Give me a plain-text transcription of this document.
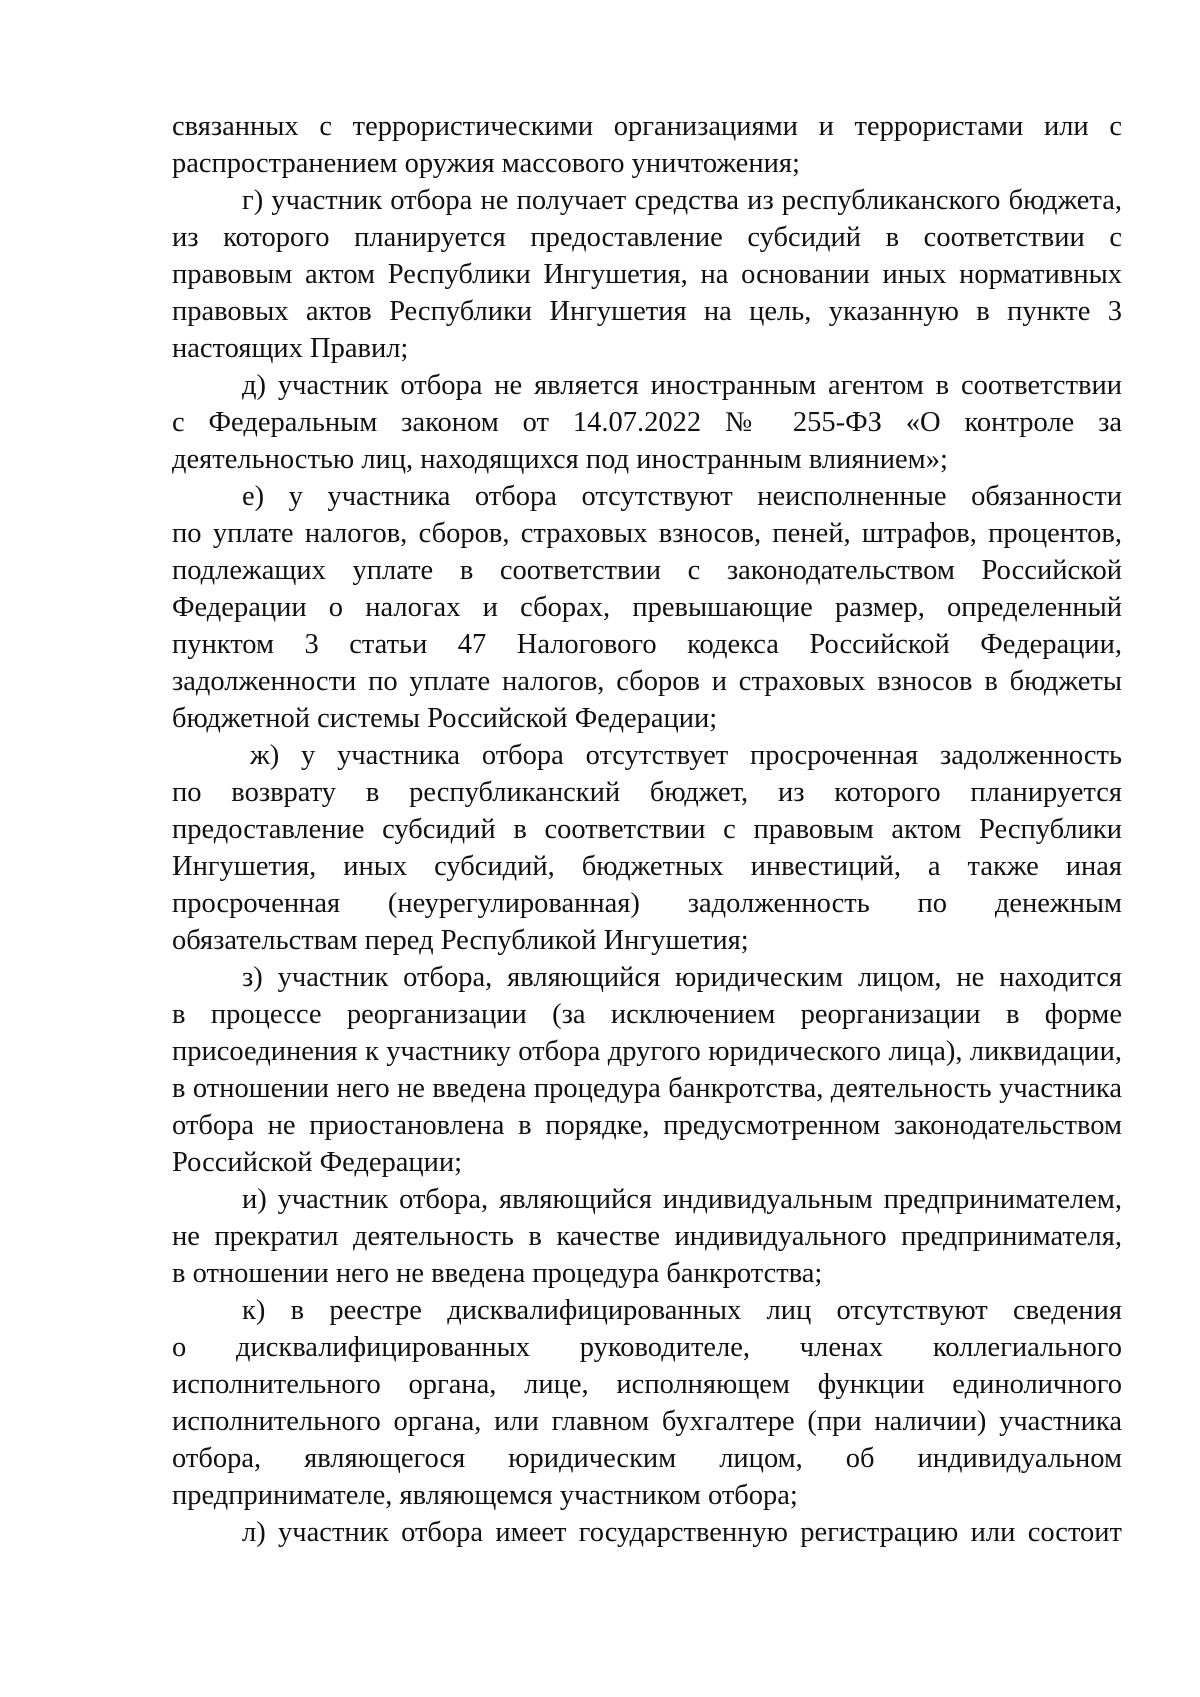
связанных с террористическими организациями и террористами или с
распространением оружия массового уничтожения;

г) участник отбора не получает средства из республиканского бюджета,
из которого планируется предоставление субсидий в соответствии с
правовым актом Республики Ингушетия, на основании иных нормативных
правовых актов Республики Ингушетия на цель, указанную в пункте 3
настоящих Правил;

д) участник отбора не является иностранным агентом в соответствии
с Федеральным законом от 14.07.2022 № 255-ФЗ «О контроле за
деятельностью лиц, находящихся под иностранным влиянием»;

е) у участника отбора отсутствуют неисполненные обязанности
по уплате налогов, сборов, страховых взносов, пеней, штрафов, процентов,
подлежащих уплате в соответствии с законодательством Российской
Федерации о налогах и сборах, превышающие размер, определенный
пунктом 3 статьи 47 Налогового кодекса Российской Федерации,
задолженности по уплате налогов, сборов и страховых взносов в бюджеты
бюджетной системы Российской Федерации;

ж) у участника отбора отсутствует просроченная задолженность
по возврату в республиканский бюджет, из которого планируется
предоставление субсидий в соответствии с правовым актом Республики
Ингушетия, иных субсидий, бюджетных инвестиций, а также иная
просроченная (неурегулированная) задолженность по денежным
обязательствам перед Республикой Ингушетия;

з) участник отбора, являющийся юридическим лицом, не находится
в процессе реорганизации (за исключением реорганизации в форме
присоединения к участнику отбора другого юридического лица), ликвидации,
в отношении него не введена процедура банкротства, деятельность участника
отбора не приостановлена в порядке, предусмотренном законодательством
Российской Федерации;

и) участник отбора, являющийся индивидуальным предпринимателем,
не прекратил деятельность в качестве индивидуального предпринимателя,
в отношении него не введена процедура банкротства;

к) в реестре дисквалифицированных лиц отсутствуют сведения
о дисквалифицированных руководителе, членах коллегиального
исполнительного органа, лице, исполняющем функции единоличного
исполнительного органа, или главном бухгалтере (при наличии) участника
отбора, являющегося юридическим лицом, об индивидуальном
предпринимателе, являющемся участником отбора;

л) участник отбора имеет государственную регистрацию или состоит
